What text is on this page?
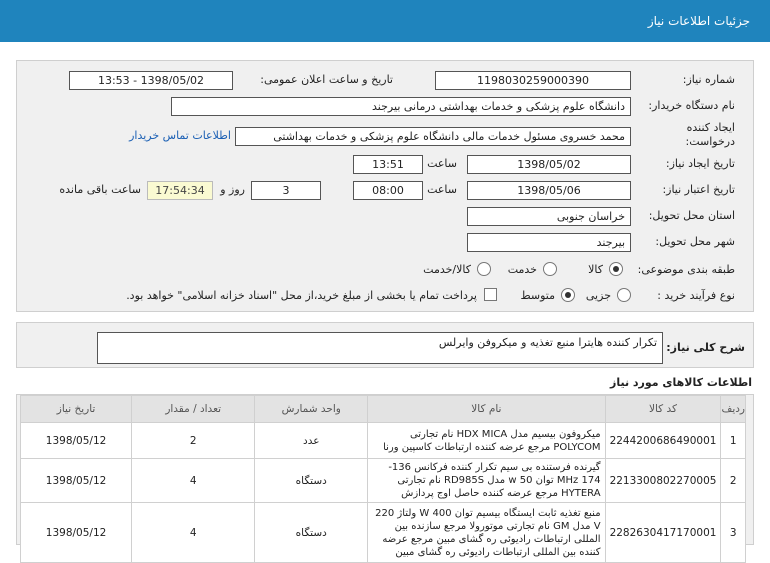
جزئیات اطلاعات نیاز
شماره نیاز:
1198030259000390
تاریخ و ساعت اعلان عمومی:
1398/05/02 - 13:53
نام دستگاه خریدار:
دانشگاه علوم پزشکی و خدمات بهداشتی درمانی بیرجند
ایجاد کننده
درخواست:
محمد خسروی مسئول خدمات مالی دانشگاه علوم پزشکی و خدمات بهداشتی
اطلاعات تماس خریدار
تاریخ ایجاد نیاز:
1398/05/02
ساعت
13:51
تاریخ اعتبار نیاز:
1398/05/06
ساعت
08:00
3
روز و
17:54:34
ساعت باقی مانده
استان محل تحویل:
خراسان جنوبی
شهر محل تحویل:
بیرجند
طبقه بندی موضوعی:
کالا
خدمت
کالا/خدمت
نوع فرآیند خرید :
جزیی
متوسط
پرداخت تمام یا بخشی از مبلغ خرید،از محل "اسناد خزانه اسلامی" خواهد بود.
شرح کلی نیاز:
تکرار کننده هایترا منبع تغذیه و میکروفن وایرلس
اطلاعات کالاهای مورد نیاز
ردیف	کد کالا	نام کالا	واحد شمارش	تعداد / مقدار	تاریخ نیاز
1	2244200686490001	میکروفون بیسیم مدل HDX MICA نام تجارتی POLYCOM مرجع عرضه کننده ارتباطات کاسپین ورنا	عدد	2	1398/05/12
2	2213300802270005	گیرنده فرستنده بی سیم تکرار کننده فرکانس 136-174 MHz توان 50 w مدل RD985S نام تجارتی HYTERA مرجع عرضه کننده حاصل اوج پردازش	دستگاه	4	1398/05/12
3	2282630417170001	منبع تغذیه ثابت ایستگاه بیسیم توان 400 W ولتاژ 220 V مدل GM نام تجارتی موتورولا مرجع سازنده بین المللی ارتباطات رادیوئی ره گشای مبین مرجع عرضه کننده بین المللی ارتباطات رادیوئی ره گشای مبین	دستگاه	4	1398/05/12
